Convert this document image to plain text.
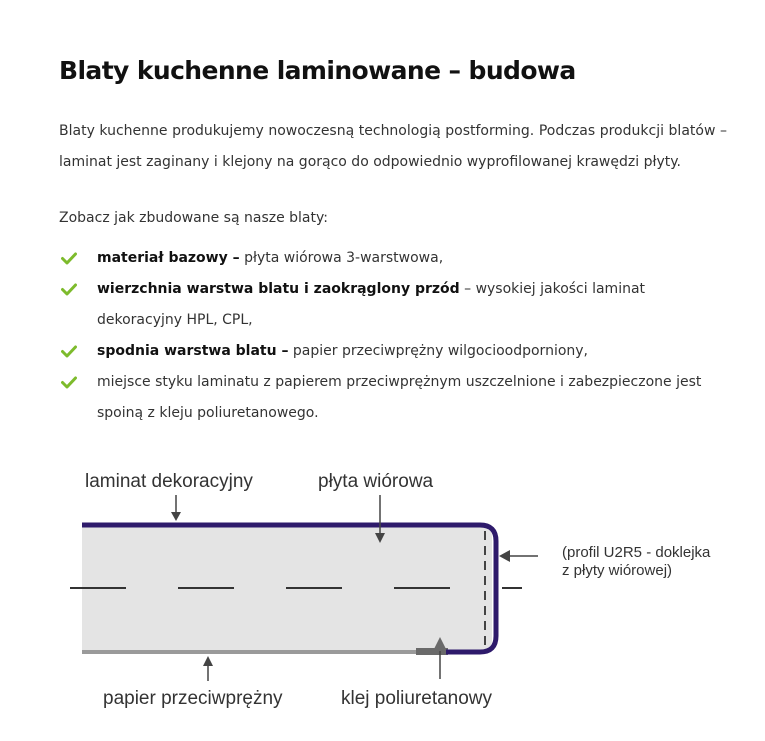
Blaty kuchenne laminowane – budowa

Blaty kuchenne produkujemy nowoczesną technologią postforming. Podczas produkcji blatów – laminat jest zaginany i klejony na gorąco do odpowiednio wyprofilowanej krawędzi płyty.

Zobacz jak zbudowane są nasze blaty:

materiał bazowy – płyta wiórowa 3-warstwowa,
wierzchnia warstwa blatu i zaokrąglony przód – wysokiej jakości laminat dekoracyjny HPL, CPL,
spodnia warstwa blatu – papier przeciwprężny wilgocioodporniony,
miejsce styku laminatu z papierem przeciwprężnym uszczelnione i zabezpieczone jest spoiną z kleju poliuretanowego.
laminat dekoracyjny	płyta wiórowa
(profil U2R5 - doklejka
z płyty wiórowej)
papier przeciwprężny	klej poliuretanowy
